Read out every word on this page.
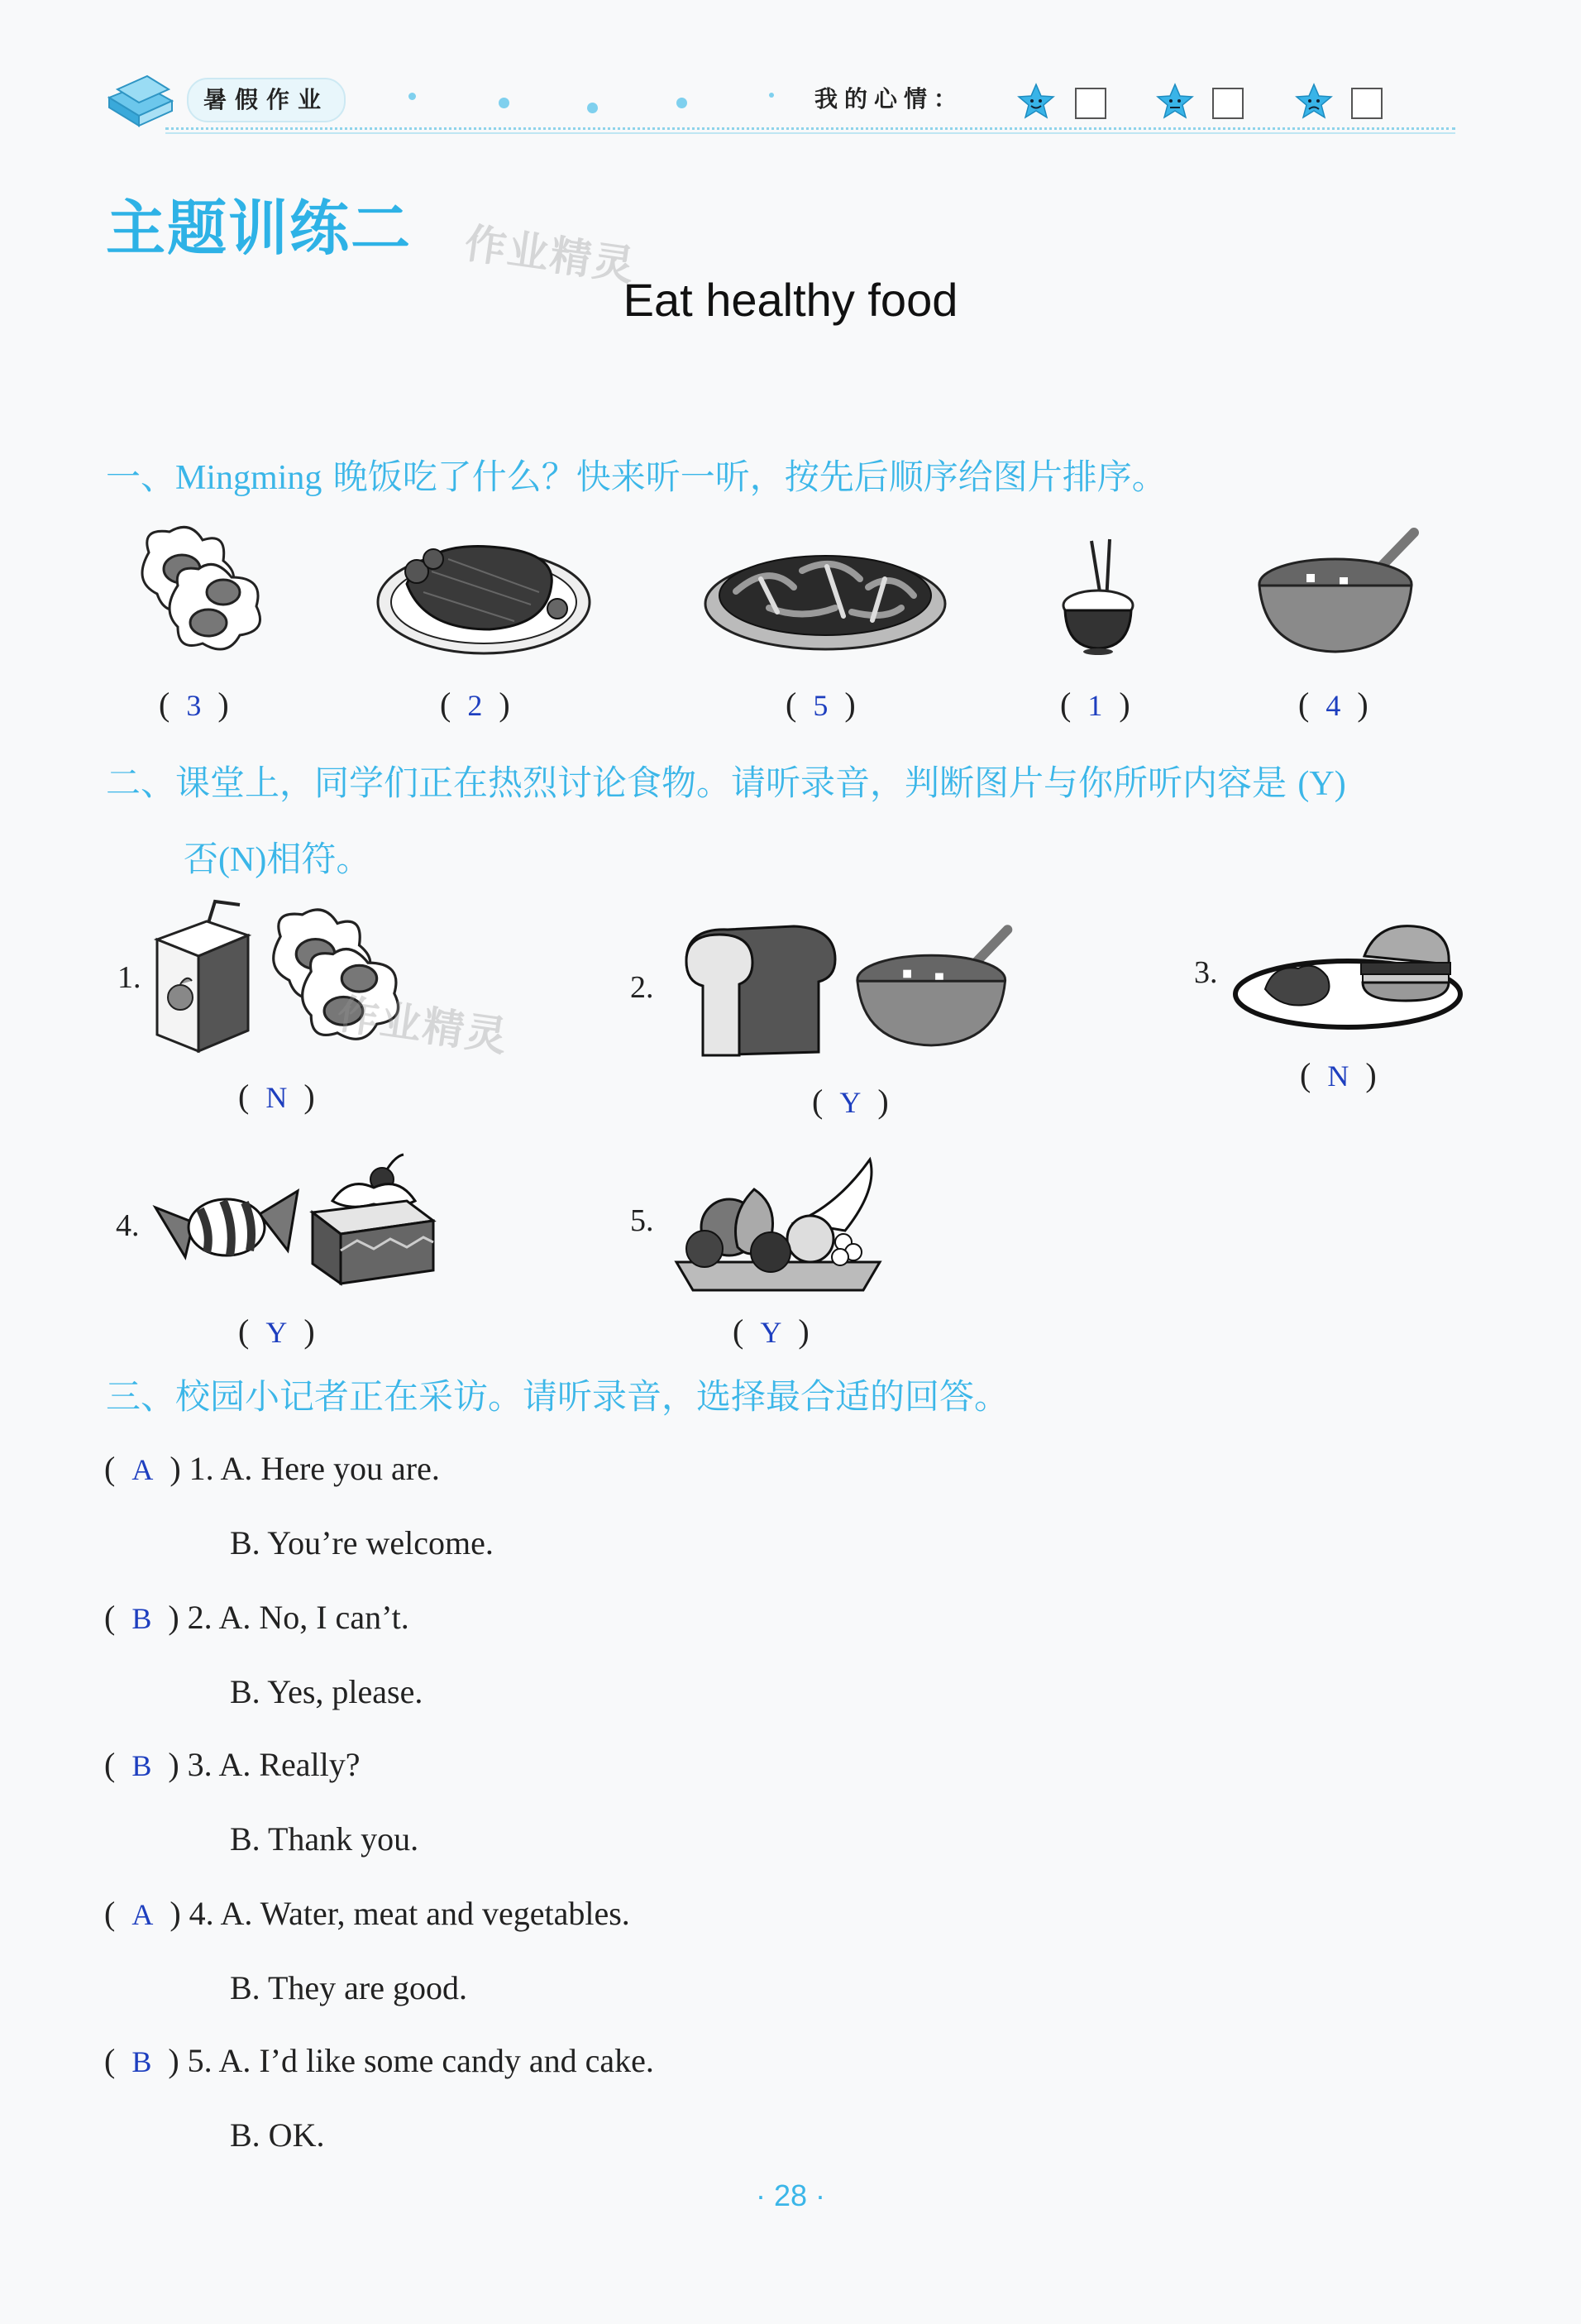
暑假作业	我的心情：
主题训练二 作业精灵
Eat healthy food
一、Mingming 晚饭吃了什么？快来听一听，按先后顺序给图片排序。
(  3  )	(  2  )	(  5  )	(  1  )	(  4  )
二、课堂上，同学们正在热烈讨论食物。请听录音，判断图片与你所听内容是 (Y)
否(N)相符。
1.
作业精灵
(  N  )
2.
(  Y  )
3.
(  N  )
4.
(  Y  )
5.
(  Y  )
三、校园小记者正在采访。请听录音，选择最合适的回答。
(  A  ) 1. A. Here you are.
B. You’re welcome.
(  B  ) 2. A. No, I can’t.
B. Yes, please.
(  B  ) 3. A. Really?
B. Thank you.
(  A  ) 4. A. Water, meat and vegetables.
B. They are good.
(  B  ) 5. A. I’d like some candy and cake.
B. OK.
· 28 ·
